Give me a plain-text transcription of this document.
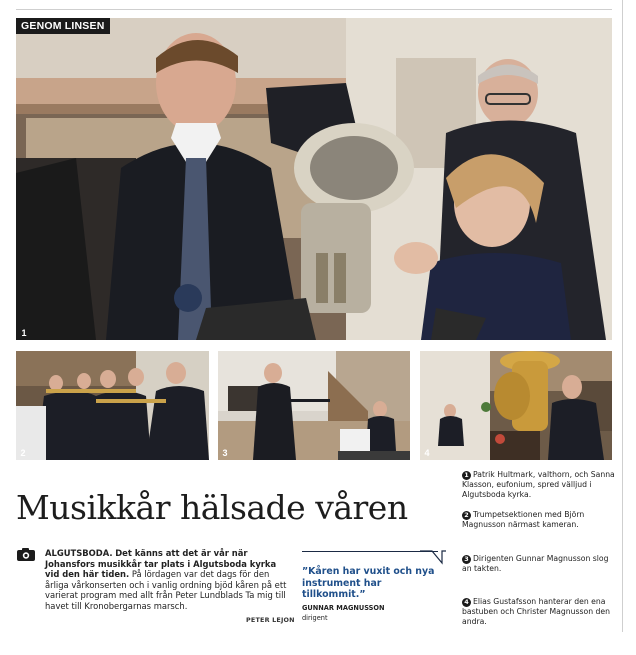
GENOM LINSEN
1
2	3	4
Musikkår hälsade våren
ALGUTSBODA. Det känns att det är vår när Johansfors musikkår tar plats i Algutsboda kyrka vid den här tiden. På lördagen var det dags för den årliga vårkonserten och i vanlig ordning bjöd kåren på ett varierat program med allt från Peter Lundblads Ta mig till havet till Kronobergarnas marsch.
PETER LEJON
”Kåren har vuxit och nya instrument har tillkommit.”
GUNNAR MAGNUSSON
dirigent
1 Patrik Hultmark, valthorn, och Sanna Klasson, eufonium, spred välljud i Algutsboda kyrka.
2 Trumpetsektionen med Björn Magnusson närmast kameran.
3 Dirigenten Gunnar Magnusson slog an takten.
4 Elias Gustafsson hanterar den ena bastuben och Christer Magnusson den andra.
